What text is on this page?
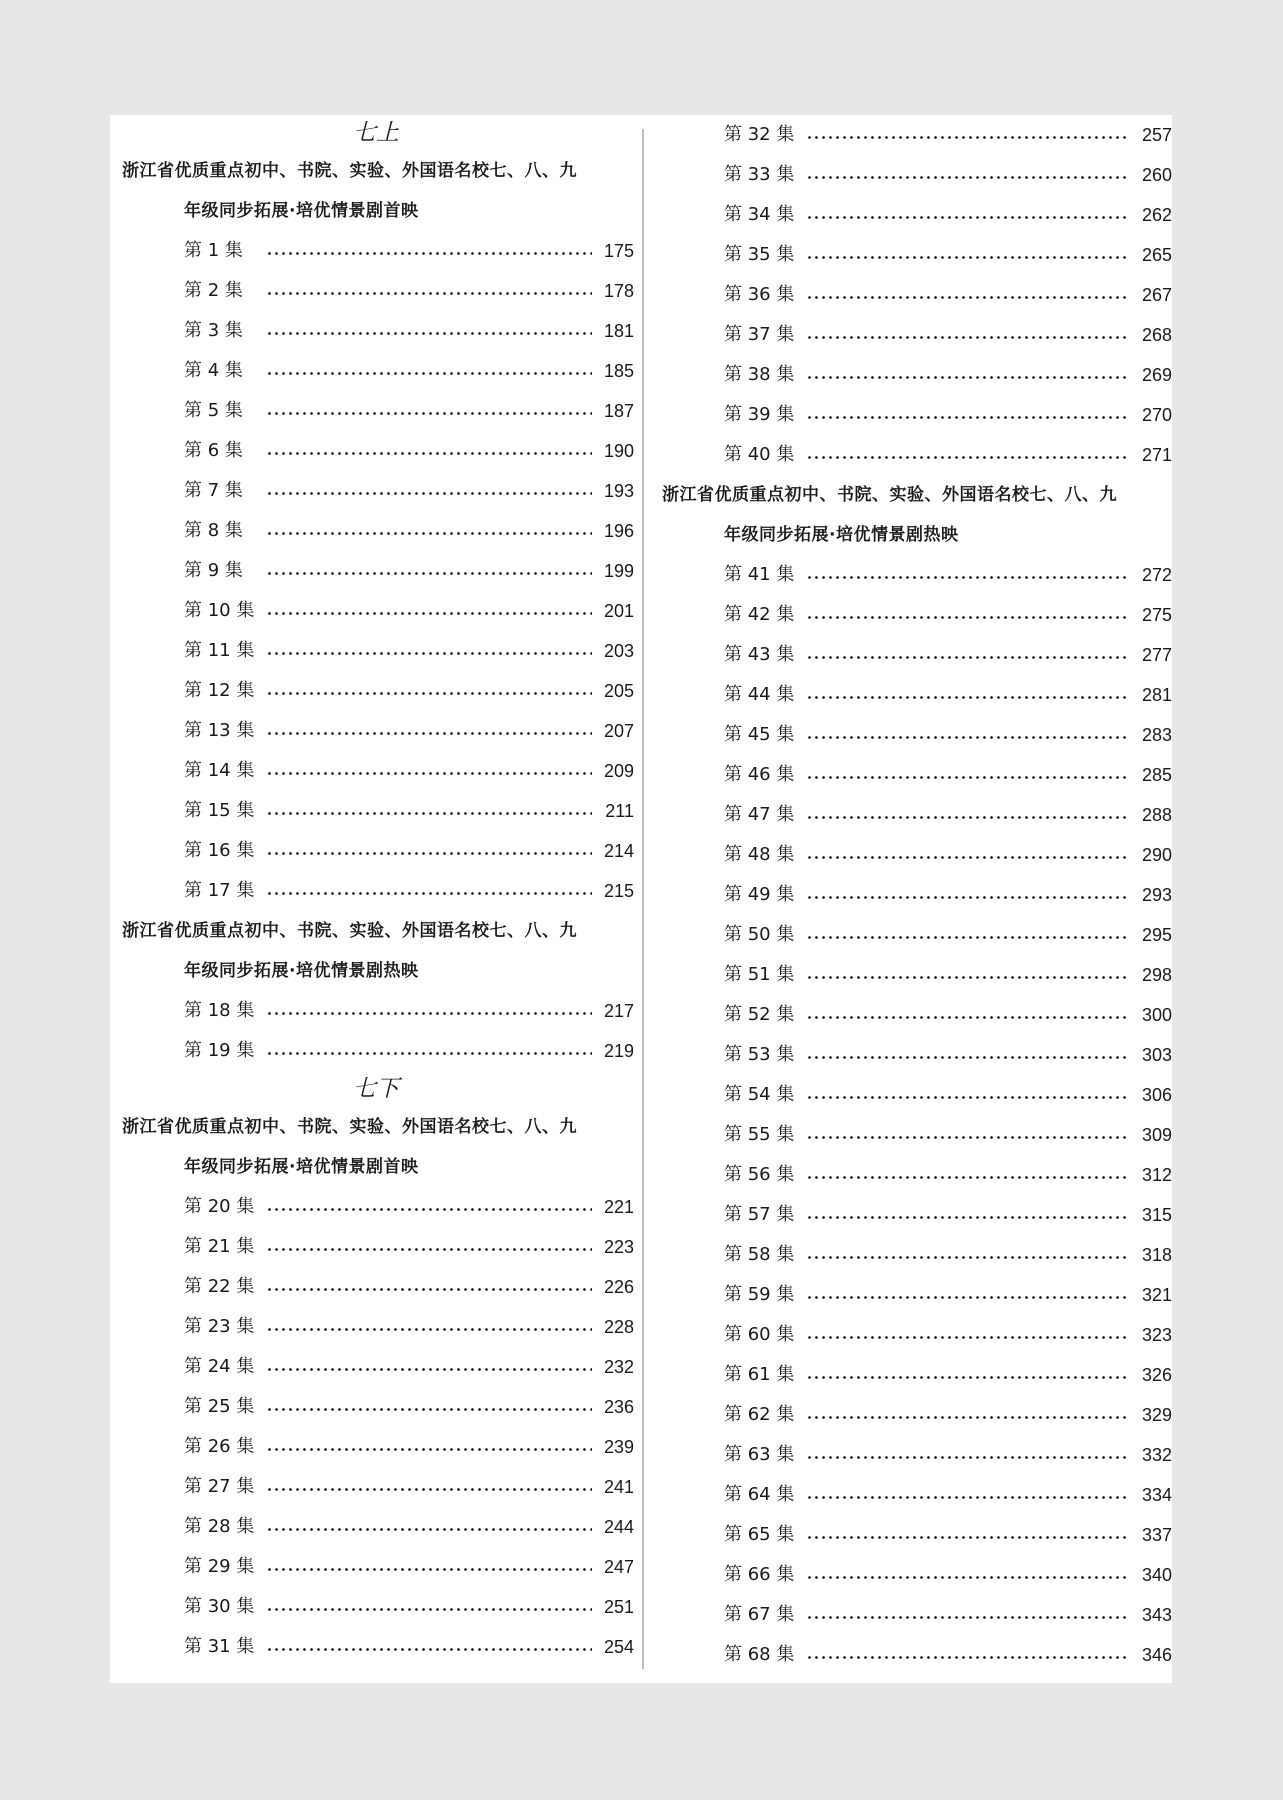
七上
浙江省优质重点初中、书院、实验、外国语名校七、八、九
年级同步拓展·培优情景剧首映
第 1 集	175
第 2 集	178
第 3 集	181
第 4 集	185
第 5 集	187
第 6 集	190
第 7 集	193
第 8 集	196
第 9 集	199
第 10 集	201
第 11 集	203
第 12 集	205
第 13 集	207
第 14 集	209
第 15 集	211
第 16 集	214
第 17 集	215
浙江省优质重点初中、书院、实验、外国语名校七、八、九
年级同步拓展·培优情景剧热映
第 18 集	217
第 19 集	219
七下
浙江省优质重点初中、书院、实验、外国语名校七、八、九
年级同步拓展·培优情景剧首映
第 20 集	221
第 21 集	223
第 22 集	226
第 23 集	228
第 24 集	232
第 25 集	236
第 26 集	239
第 27 集	241
第 28 集	244
第 29 集	247
第 30 集	251
第 31 集	254
第 32 集	257
第 33 集	260
第 34 集	262
第 35 集	265
第 36 集	267
第 37 集	268
第 38 集	269
第 39 集	270
第 40 集	271
浙江省优质重点初中、书院、实验、外国语名校七、八、九
年级同步拓展·培优情景剧热映
第 41 集	272
第 42 集	275
第 43 集	277
第 44 集	281
第 45 集	283
第 46 集	285
第 47 集	288
第 48 集	290
第 49 集	293
第 50 集	295
第 51 集	298
第 52 集	300
第 53 集	303
第 54 集	306
第 55 集	309
第 56 集	312
第 57 集	315
第 58 集	318
第 59 集	321
第 60 集	323
第 61 集	326
第 62 集	329
第 63 集	332
第 64 集	334
第 65 集	337
第 66 集	340
第 67 集	343
第 68 集	346
